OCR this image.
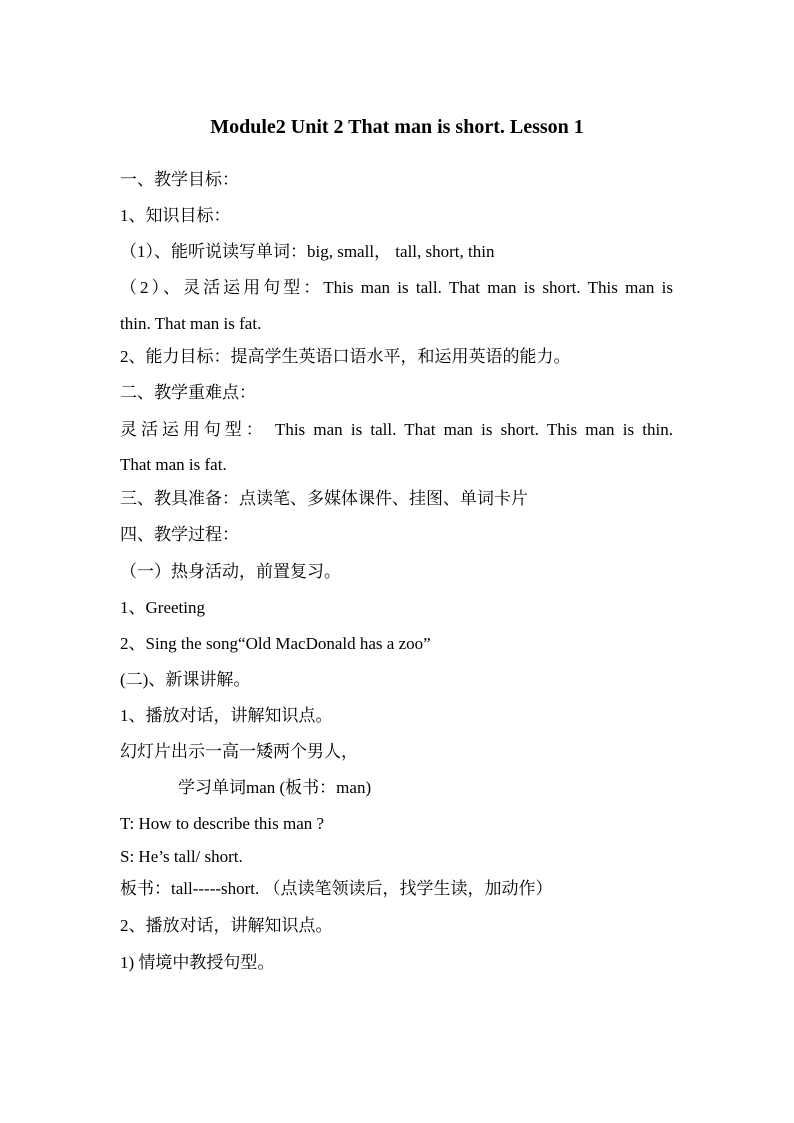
Module2 Unit 2 That man is short. Lesson 1
一、教学目标：
1、知识目标：
（1）、能听说读写单词：big, small， tall, short, thin
（2）、灵活运用句型：This man is tall. That man is short. This man is
thin. That man is fat.
2、能力目标：提高学生英语口语水平，和运用英语的能力。
二、教学重难点：
灵活运用句型： This man is tall. That man is short. This man is thin.
That man is fat.
三、教具准备：点读笔、多媒体课件、挂图、单词卡片
四、教学过程：
（一）热身活动，前置复习。
1、Greeting
2、Sing the song“Old MacDonald has a zoo”
(二)、新课讲解。
1、播放对话，讲解知识点。
幻灯片出示一高一矮两个男人，
学习单词man (板书：man)
T: How to describe this man ?
S: He’s tall/ short.
板书：tall-----short. （点读笔领读后，找学生读，加动作）
2、播放对话，讲解知识点。
1) 情境中教授句型。
